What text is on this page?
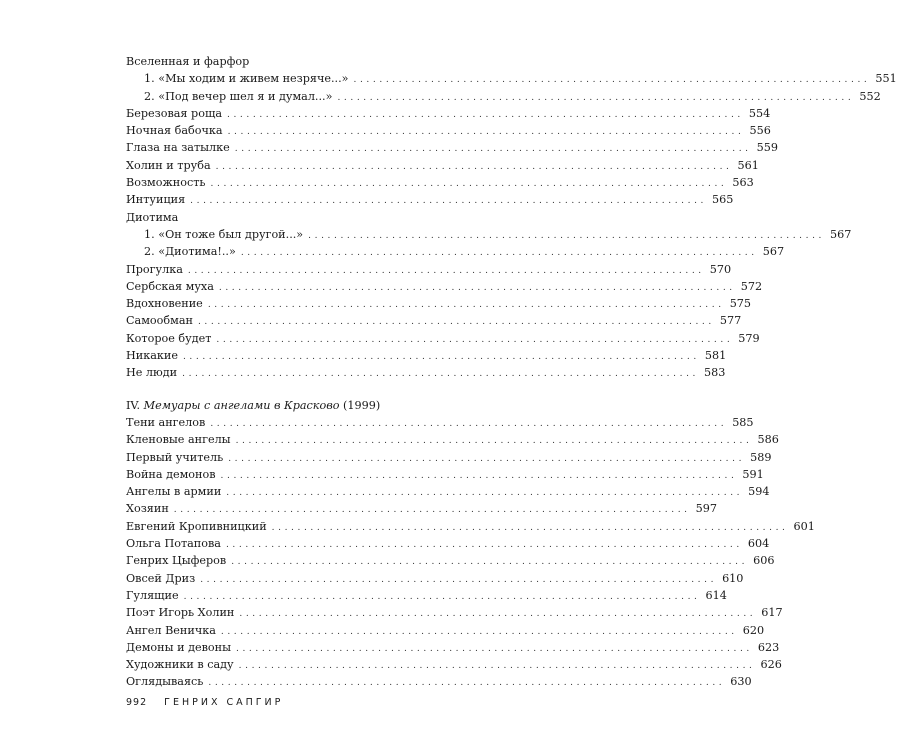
Вселенная и фарфор
1. «Мы ходим и живем незряче...» ................................................................................ 551
2. «Под вечер шел я и думал...» ................................................................................ 552
Березовая роща ................................................................................ 554
Ночная бабочка ................................................................................ 556
Глаза на затылке ................................................................................ 559
Холин и труба ................................................................................ 561
Возможность ................................................................................ 563
Интуиция ................................................................................ 565
Диотима
1. «Он тоже был другой...» ................................................................................ 567
2. «Диотима!..» ................................................................................ 567
Прогулка ................................................................................ 570
Сербская муха ................................................................................ 572
Вдохновение ................................................................................ 575
Самообман ................................................................................ 577
Которое будет ................................................................................ 579
Никакие ................................................................................ 581
Не люди ................................................................................ 583
IV. Мемуары с ангелами в Красково (1999)
Тени ангелов ................................................................................ 585
Кленовые ангелы ................................................................................ 586
Первый учитель ................................................................................ 589
Война демонов ................................................................................ 591
Ангелы в армии ................................................................................ 594
Хозяин ................................................................................ 597
Евгений Кропивницкий ................................................................................ 601
Ольга Потапова ................................................................................ 604
Генрих Цыферов ................................................................................ 606
Овсей Дриз ................................................................................ 610
Гулящие ................................................................................ 614
Поэт Игорь Холин ................................................................................ 617
Ангел Веничка ................................................................................ 620
Демоны и девоны ................................................................................ 623
Художники в саду ................................................................................ 626
Оглядываясь ................................................................................ 630
992 ГЕНРИХ САПГИР
